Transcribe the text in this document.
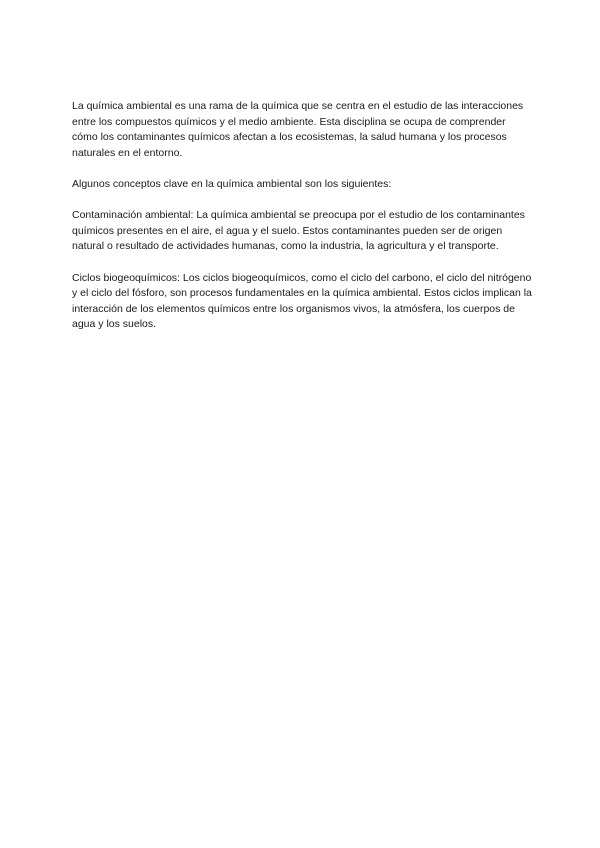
La química ambiental es una rama de la química que se centra en el estudio de las interacciones entre los compuestos químicos y el medio ambiente. Esta disciplina se ocupa de comprender cómo los contaminantes químicos afectan a los ecosistemas, la salud humana y los procesos naturales en el entorno.

Algunos conceptos clave en la química ambiental son los siguientes:

Contaminación ambiental: La química ambiental se preocupa por el estudio de los contaminantes químicos presentes en el aire, el agua y el suelo. Estos contaminantes pueden ser de origen natural o resultado de actividades humanas, como la industria, la agricultura y el transporte.

Ciclos biogeoquímicos: Los ciclos biogeoquímicos, como el ciclo del carbono, el ciclo del nitrógeno y el ciclo del fósforo, son procesos fundamentales en la química ambiental. Estos ciclos implican la interacción de los elementos químicos entre los organismos vivos, la atmósfera, los cuerpos de agua y los suelos.
